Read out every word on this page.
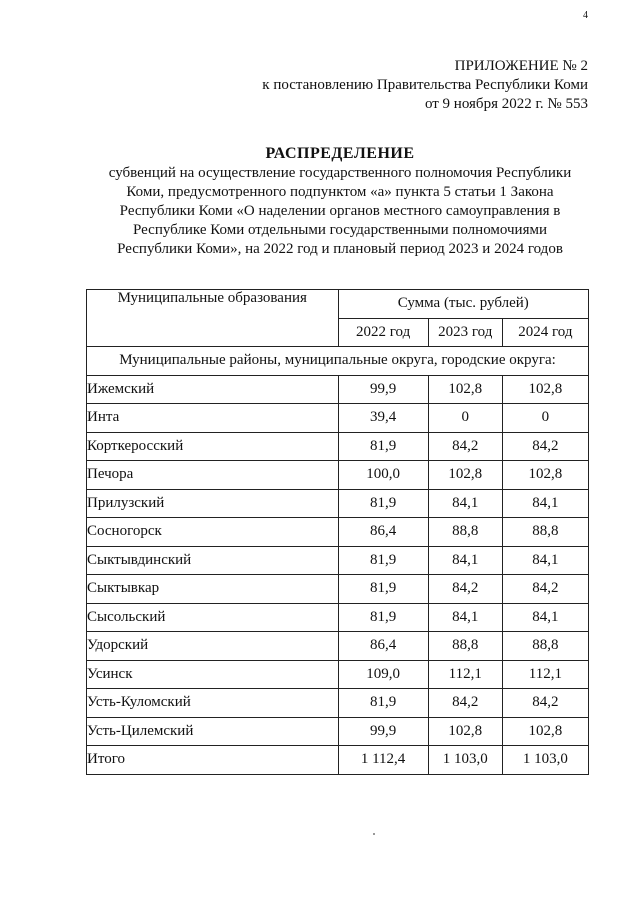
4
ПРИЛОЖЕНИЕ № 2
к постановлению Правительства Республики Коми
от 9 ноября 2022 г. № 553
РАСПРЕДЕЛЕНИЕ
субвенций на осуществление государственного полномочия Республики Коми, предусмотренного подпунктом «а» пункта 5 статьи 1 Закона Республики Коми «О наделении органов местного самоуправления в Республике Коми отдельными государственными полномочиями Республики Коми», на 2022 год и плановый период 2023 и 2024 годов
Муниципальные образования	Сумма (тыс. рублей)		
	2022 год	2023 год	2024 год
Муниципальные районы, муниципальные округа, городские округа:			
Ижемский	99,9	102,8	102,8
Инта	39,4	0	0
Корткеросский	81,9	84,2	84,2
Печора	100,0	102,8	102,8
Прилузский	81,9	84,1	84,1
Сосногорск	86,4	88,8	88,8
Сыктывдинский	81,9	84,1	84,1
Сыктывкар	81,9	84,2	84,2
Сысольский	81,9	84,1	84,1
Удорский	86,4	88,8	88,8
Усинск	109,0	112,1	112,1
Усть-Куломский	81,9	84,2	84,2
Усть-Цилемский	99,9	102,8	102,8
Итого	1 112,4	1 103,0	1 103,0
